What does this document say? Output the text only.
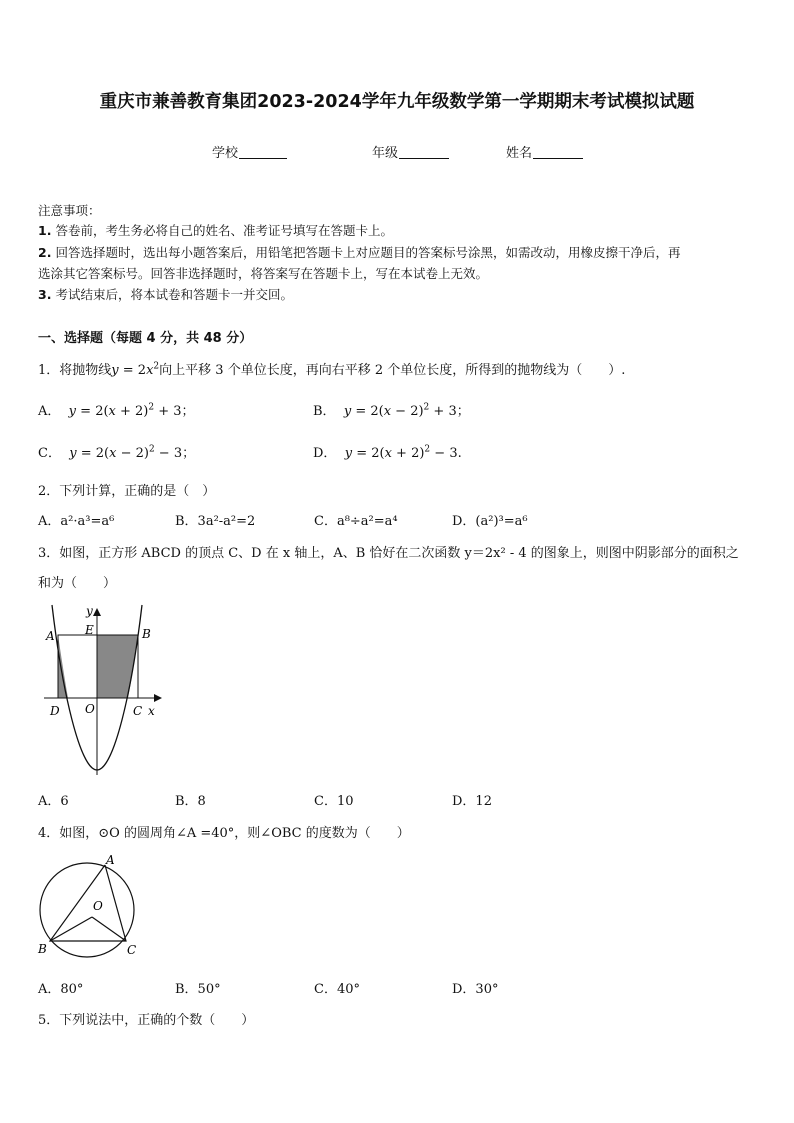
重庆市兼善教育集团2023-2024学年九年级数学第一学期期末考试模拟试题
学校	年级	姓名
注意事项：
1. 答卷前，考生务必将自己的姓名、准考证号填写在答题卡上。
2. 回答选择题时，选出每小题答案后，用铅笔把答题卡上对应题目的答案标号涂黑，如需改动，用橡皮擦干净后，再
选涂其它答案标号。回答非选择题时，将答案写在答题卡上，写在本试卷上无效。
3. 考试结束后，将本试卷和答题卡一并交回。
一、选择题（每题 4 分，共 48 分）
1．将抛物线$y = 2x^2$向上平移 3 个单位长度，再向右平移 2 个单位长度，所得到的抛物线为（　　）.
A． $y = 2(x + 2)^2 + 3$；	B． $y = 2(x - 2)^2 + 3$；
C． $y = 2(x - 2)^2 - 3$；	D． $y = 2(x + 2)^2 - 3$.
2．下列计算，正确的是（　）
A．a²·a³=a⁶	B．3a²-a²=2	C．a⁸÷a²=a⁴	D．(a²)³=a⁶
3．如图，正方形 ABCD 的顶点 C、D 在 x 轴上，A、B 恰好在二次函数 y＝2x² - 4 的图象上，则图中阴影部分的面积之
和为（　　）
y
A	E	B
D O	C x
A．6	B．8	C．10	D．12
4．如图，⊙O 的圆周角∠A =40°，则∠OBC 的度数为（　　）
A
O
B	C
A．80°	B．50°	C．40°	D．30°
5．下列说法中，正确的个数（　　）
